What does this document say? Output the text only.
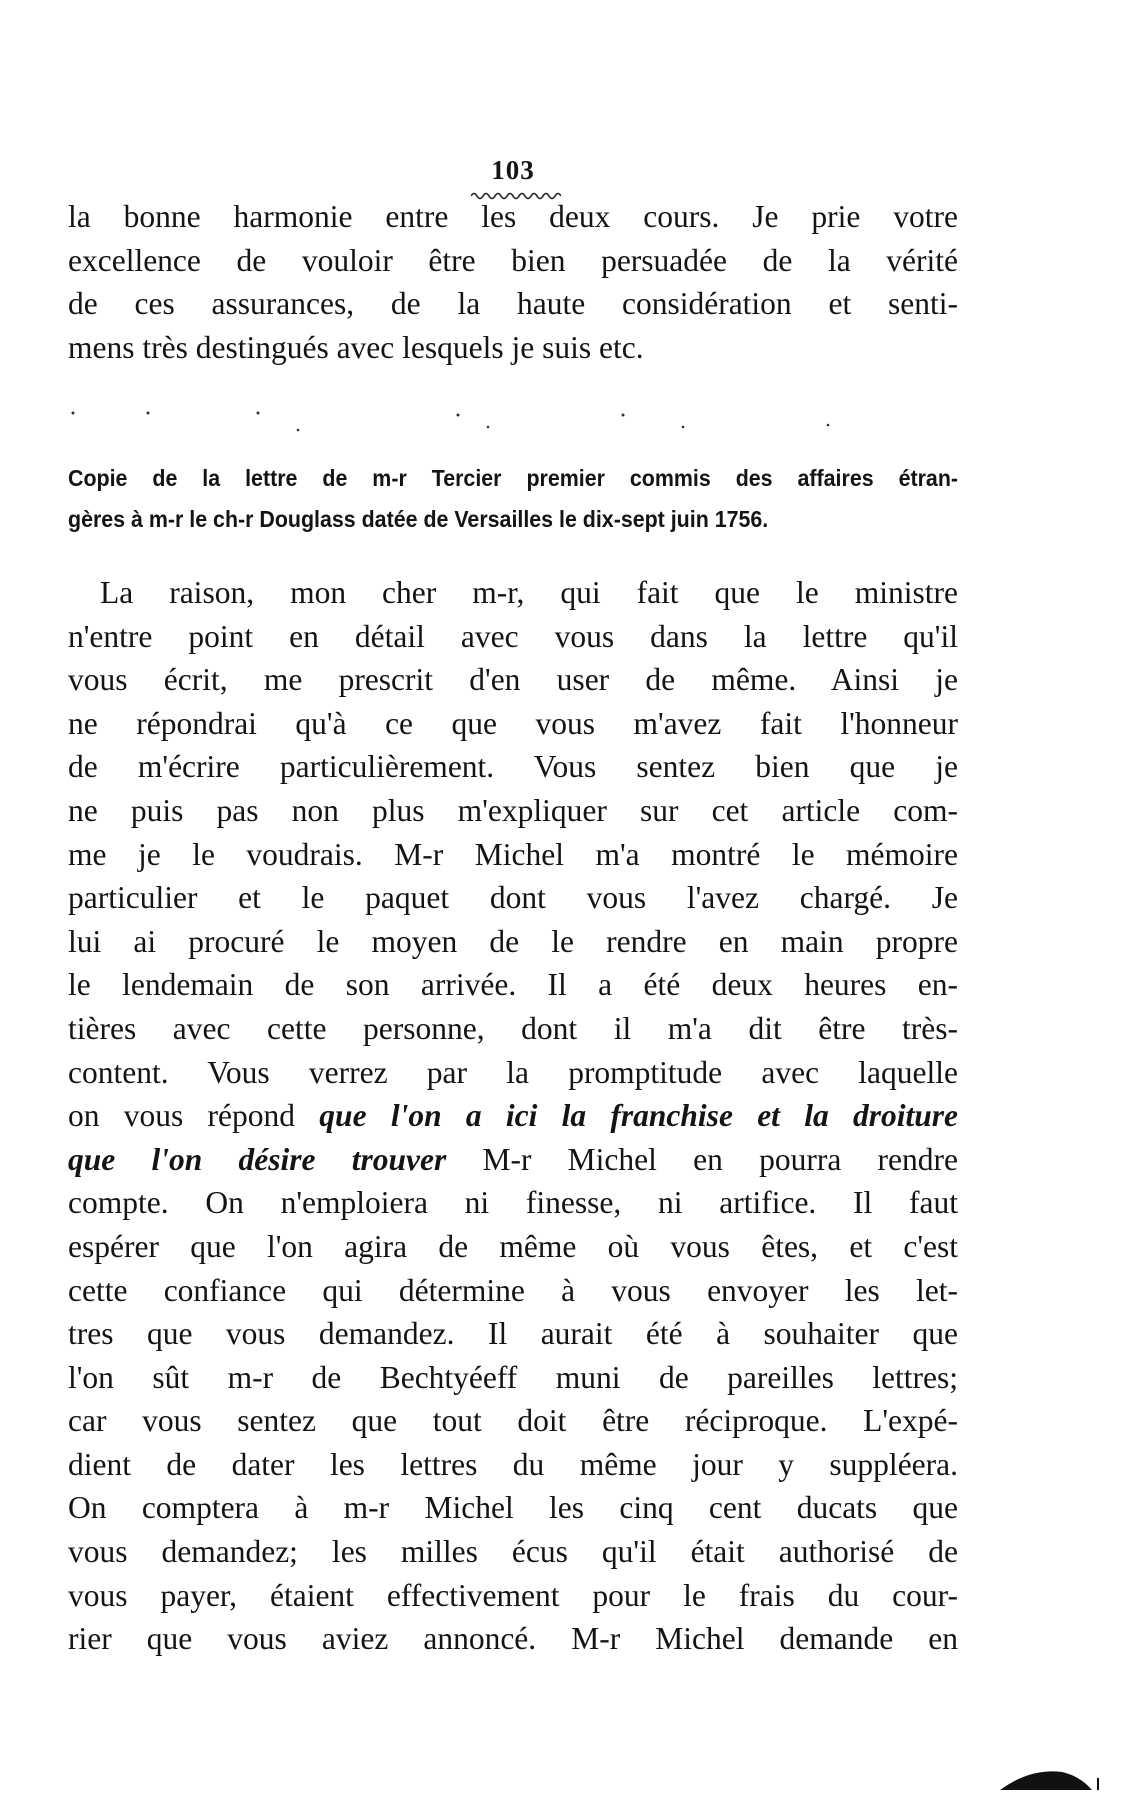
103
la bonne harmonie entre les deux cours. Je prie votre
excellence de vouloir être bien persuadée de la vérité
de ces assurances, de la haute considération et senti-
mens très destingués avec lesquels je suis etc.
Copie de la lettre de m-r Tercier premier commis des affaires étran-
gères à m-r le ch-r Douglass datée de Versailles le dix-sept juin 1756.
La raison, mon cher m-r, qui fait que le ministre
n'entre point en détail avec vous dans la lettre qu'il
vous écrit, me prescrit d'en user de même. Ainsi je
ne répondrai qu'à ce que vous m'avez fait l'honneur
de m'écrire particulièrement. Vous sentez bien que je
ne puis pas non plus m'expliquer sur cet article com-
me je le voudrais. M-r Michel m'a montré le mémoire
particulier et le paquet dont vous l'avez chargé. Je
lui ai procuré le moyen de le rendre en main propre
le lendemain de son arrivée. Il a été deux heures en-
tières avec cette personne, dont il m'a dit être très-
content. Vous verrez par la promptitude avec laquelle
on vous répond que l'on a ici la franchise et la droiture
que l'on désire trouver M-r Michel en pourra rendre
compte. On n'emploiera ni finesse, ni artifice. Il faut
espérer que l'on agira de même où vous êtes, et c'est
cette confiance qui détermine à vous envoyer les let-
tres que vous demandez. Il aurait été à souhaiter que
l'on sût m-r de Bechtyéeff muni de pareilles lettres;
car vous sentez que tout doit être réciproque. L'expé-
dient de dater les lettres du même jour y suppléera.
On comptera à m-r Michel les cinq cent ducats que
vous demandez; les milles écus qu'il était authorisé de
vous payer, étaient effectivement pour le frais du cour-
rier que vous aviez annoncé. M-r Michel demande en
